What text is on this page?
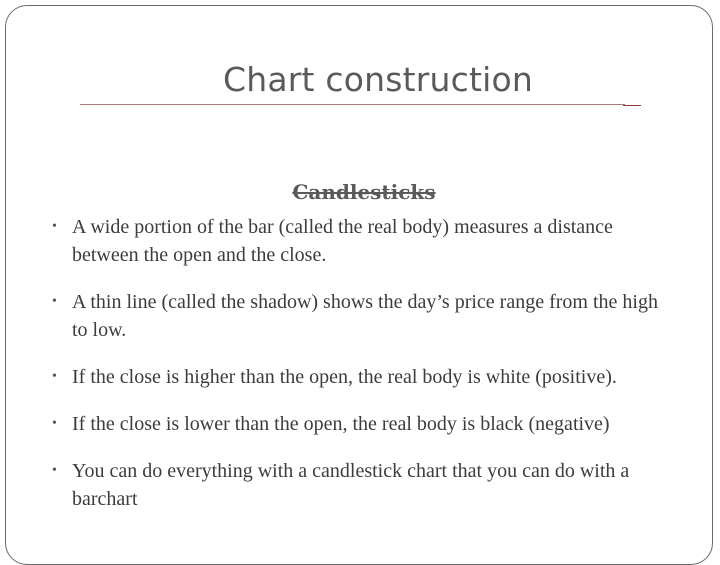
Chart construction
Candlesticks
• A wide portion of the bar (called the real body) measures a distance between the open and the close.
• A thin line (called the shadow) shows the day’s price range from the high to low.
• If the close is higher than the open, the real body is white (positive).
• If the close is lower than the open, the real body is black (negative)
• You can do everything with a candlestick chart that you can do with a barchart
